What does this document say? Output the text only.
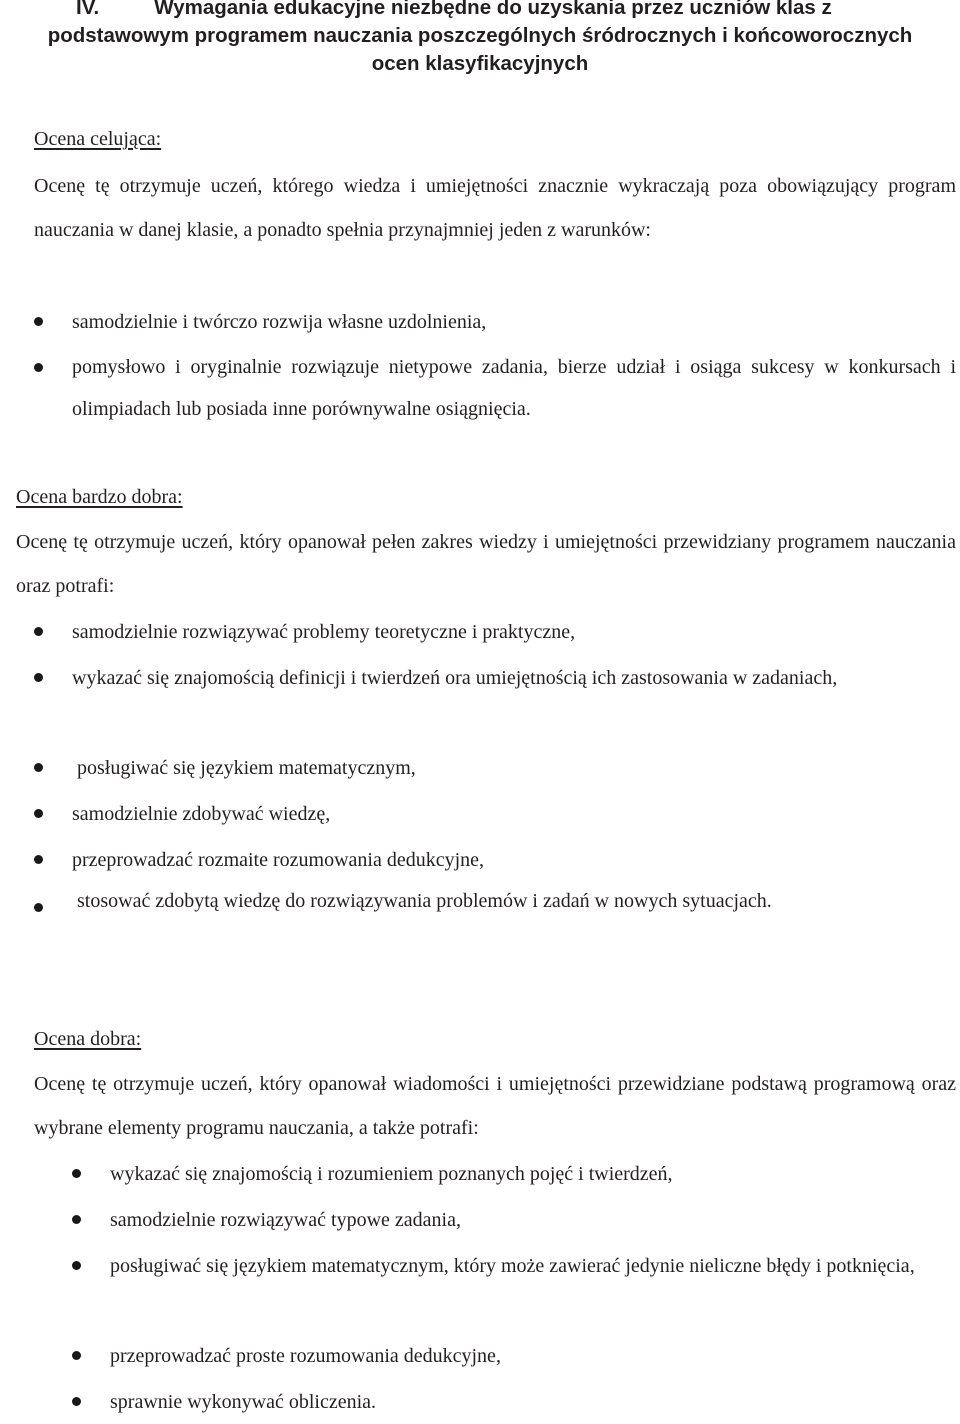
IV.	Wymagania edukacyjne niezbędne do uzyskania przez uczniów klas z
podstawowym programem nauczania poszczególnych śródrocznych i końcoworocznych
ocen klasyfikacyjnych
Ocena celująca:
Ocenę tę otrzymuje uczeń, którego wiedza i umiejętności znacznie wykraczają poza obowiązujący program nauczania w danej klasie, a ponadto spełnia przynajmniej jeden z warunków:
samodzielnie i twórczo rozwija własne uzdolnienia,
pomysłowo i oryginalnie rozwiązuje nietypowe zadania, bierze udział i osiąga sukcesy w konkursach i olimpiadach lub posiada inne porównywalne osiągnięcia.
Ocena bardzo dobra:
Ocenę tę otrzymuje uczeń, który opanował pełen zakres wiedzy i umiejętności przewidziany programem nauczania oraz potrafi:
samodzielnie rozwiązywać problemy teoretyczne i praktyczne,
wykazać się znajomością definicji i twierdzeń ora umiejętnością ich zastosowania w zadaniach,
posługiwać się językiem matematycznym,
samodzielnie zdobywać wiedzę,
przeprowadzać rozmaite rozumowania dedukcyjne,
stosować zdobytą wiedzę do rozwiązywania problemów i zadań w nowych sytuacjach.
Ocena dobra:
Ocenę tę otrzymuje uczeń, który opanował wiadomości i umiejętności przewidziane podstawą programową oraz wybrane elementy programu nauczania, a także potrafi:
wykazać się znajomością i rozumieniem poznanych pojęć i twierdzeń,
samodzielnie rozwiązywać typowe zadania,
posługiwać się językiem matematycznym, który może zawierać jedynie nieliczne błędy i potknięcia,
przeprowadzać proste rozumowania dedukcyjne,
sprawnie wykonywać obliczenia.
